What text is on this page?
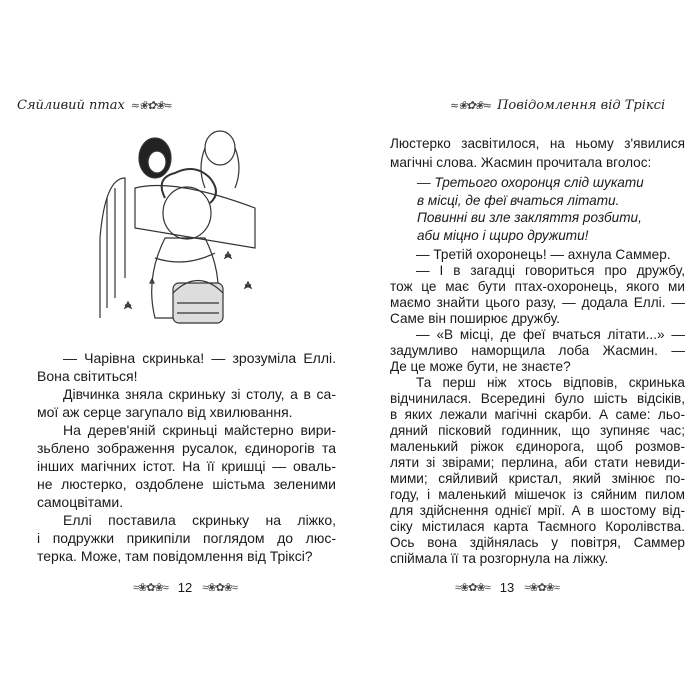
Сяйливий птах ≈❀✿❀≈
— Чарівна скринька! — зрозуміла Еллі.
Вона світиться!
Дівчинка зняла скриньку зі столу, а в са-
мої аж серце загупало від хвилювання.
На дерев'яній скриньці майстерно вири-
зьблено зображення русалок, єдинорогів та
інших магічних істот. На її кришці — оваль-
не люстерко, оздоблене шістьма зеленими
самоцвітами.
Еллі поставила скриньку на ліжко,
і подружки прикипіли поглядом до люс-
терка. Може, там повідомлення від Тріксі?
≈❀✿❀≈ 12 ≈❀✿❀≈
≈❀✿❀≈ Повідомлення від Тріксі
Люстерко засвітилося, на ньому з'явилися
магічні слова. Жасмин прочитала вголос:
— Третього охоронця слід шукати
в місці, де феї вчаться літати.
Повинні ви зле закляття розбити,
аби міцно і щиро дружити!
— Третій охоронець! — ахнула Саммер.
— І в загадці говориться про дружбу,
тож це має бути птах-охоронець, якого ми
маємо знайти цього разу, — додала Еллі. —
Саме він поширює дружбу.
— «В місці, де феї вчаться літати...» —
задумливо наморщила лоба Жасмин. —
Де це може бути, не знаєте?
Та перш ніж хтось відповів, скринька
відчинилася. Всередині було шість відсіків,
в яких лежали магічні скарби. А саме: льо-
дяний пісковий годинник, що зупиняє час;
маленький ріжок єдинорога, щоб розмов-
ляти зі звірами; перлина, аби стати невиди-
мими; сяйливий кристал, який змінює по-
году, і маленький мішечок із сяйним пилом
для здійснення однієї мрії. А в шостому від-
сіку містилася карта Таємного Королівства.
Ось вона здійнялась у повітря, Саммер
спіймала її та розгорнула на ліжку.
≈❀✿❀≈ 13 ≈❀✿❀≈
